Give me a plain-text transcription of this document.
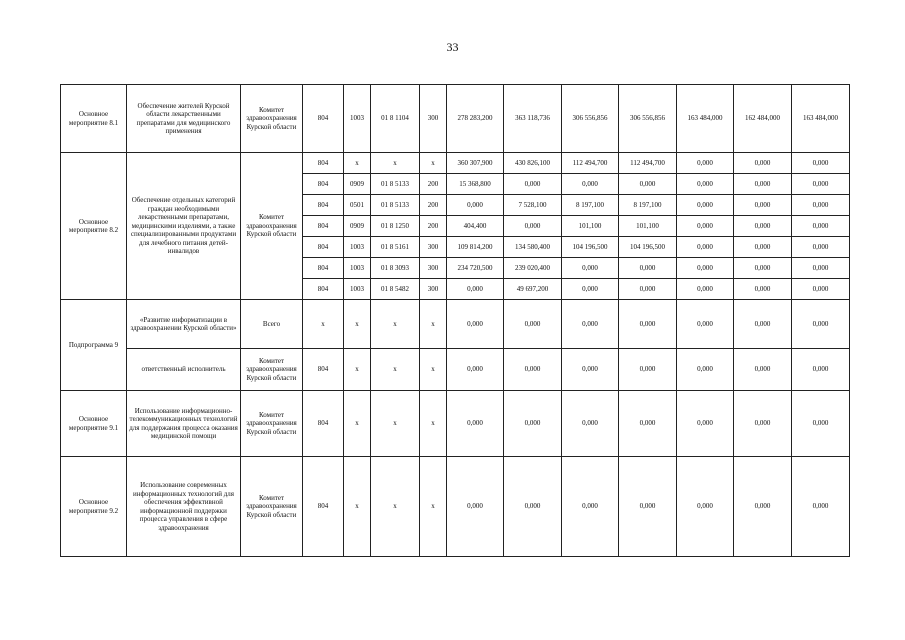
33
Основное мероприятие 8.1	Обеспечение жителей Курской области лекарственными препаратами для медицинского применения	Комитет здравоохранения Курской области	804	1003	01 8 1104	300	278 283,200	363 118,736	306 556,856	306 556,856	163 484,000	162 484,000	163 484,000
Основное мероприятие 8.2	Обеспечение отдельных категорий граждан необходимыми лекарственными препаратами, медицинскими изделиями, а также специализированными продуктами для лечебного питания детей-инвалидов	Комитет здравоохранения Курской области	804	x	x	x	360 307,900	430 826,100	112 494,700	112 494,700	0,000	0,000	0,000
			804	0909	01 8 5133	200	15 368,800	0,000	0,000	0,000	0,000	0,000	0,000
			804	0501	01 8 5133	200	0,000	7 528,100	8 197,100	8 197,100	0,000	0,000	0,000
			804	0909	01 8 1250	200	404,400	0,000	101,100	101,100	0,000	0,000	0,000
			804	1003	01 8 5161	300	109 814,200	134 580,400	104 196,500	104 196,500	0,000	0,000	0,000
			804	1003	01 8 3093	300	234 720,500	239 020,400	0,000	0,000	0,000	0,000	0,000
			804	1003	01 8 5482	300	0,000	49 697,200	0,000	0,000	0,000	0,000	0,000
Подпрограмма 9	«Развитие информатизации в здравоохранении Курской области»	Всего	x	x	x	x	0,000	0,000	0,000	0,000	0,000	0,000	0,000
	ответственный исполнитель	Комитет здравоохранения Курской области	804	x	x	x	0,000	0,000	0,000	0,000	0,000	0,000	0,000
Основное мероприятие 9.1	Использование информационно-телекоммуникационных технологий для поддержания процесса оказания медицинской помощи	Комитет здравоохранения Курской области	804	x	x	x	0,000	0,000	0,000	0,000	0,000	0,000	0,000
Основное мероприятие 9.2	Использование современных информационных технологий для обеспечения эффективной информационной поддержки процесса управления в сфере здравоохранения	Комитет здравоохранения Курской области	804	x	x	x	0,000	0,000	0,000	0,000	0,000	0,000	0,000
